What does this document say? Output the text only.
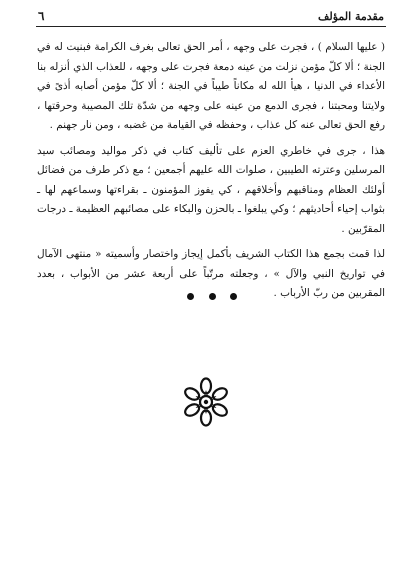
٦	مقدمة المؤلف

( عليها السلام ) ، فجرت على وجهه ، أمر الحق تعالى بغرف الكرامة فبنيت له في الجنة ؛ ألا كلّ مؤمن نزلت من عينه دمعة فجرت على وجهه ، للعذاب الذي أنزله بنا الأعداء في الدنيا ، هيأ الله له مكاناً طيباً في الجنة ؛ ألا كلّ مؤمن أصابه أذىً في ولايتنا ومحبتنا ، فجرى الدمع من عينه على وجهه من شدّة تلك المصيبة وحرقتها ، رفع الحق تعالى عنه كل عذاب ، وحفظه في القيامة من غضبه ، ومن نار جهنم .

هذا ، جرى في خاطري العزم على تأليف كتاب في ذكر مواليد ومصائب سيد المرسلين وعترته الطيبين ، صلوات الله عليهم أجمعين ؛ مع ذكر طرف من فضائل أولئك العظام ومناقبهم وأخلاقهم ، كي يفوز المؤمنون ـ بقراءتها وسماعهم لها ـ بثواب إحياء أحاديثهم ؛ وكي يبلغوا ـ بالحزن والبكاء على مصائبهم العظيمة ـ درجات المقرّبين .

لذا قمت بجمع هذا الكتاب الشريف بأكمل إيجاز واختصار وأسميته « منتهى الآمال في تواريخ النبي والآل » ، وجعلته مرتّباً على أربعة عشر من الأبواب ، بعدد المقربين من ربّ الأرباب .
